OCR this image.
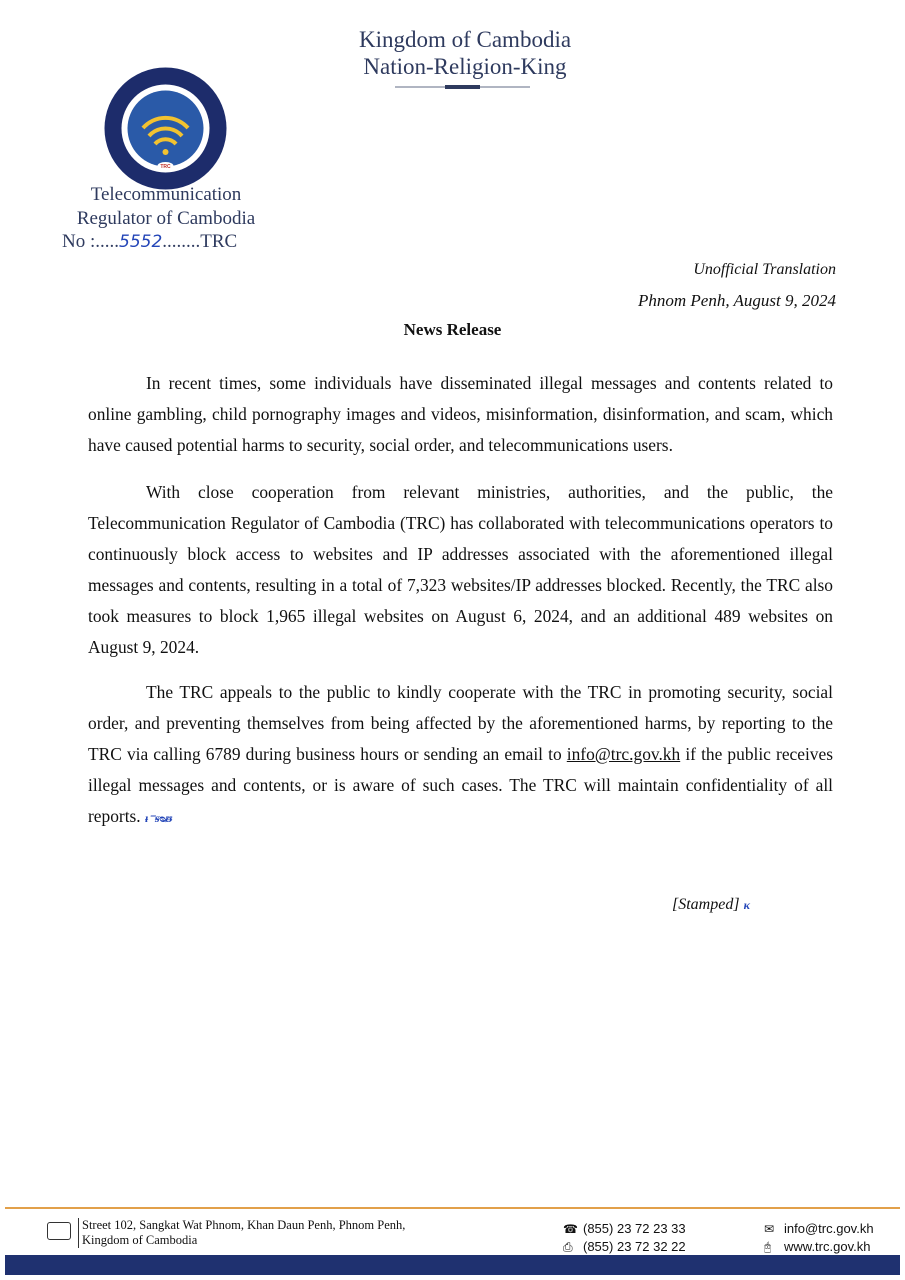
Kingdom of Cambodia
Nation-Religion-King
TRC
Telecommunication
Regulator of Cambodia
No :.....5552........TRC
Unofficial Translation
Phnom Penh, August 9, 2024
News Release
In recent times, some individuals have disseminated illegal messages and contents related to online gambling, child pornography images and videos, misinformation, disinformation, and scam, which have caused potential harms to security, social order, and telecommunications users.
With close cooperation from relevant ministries, authorities, and the public, the Telecommunication Regulator of Cambodia (TRC) has collaborated with telecommunications operators to continuously block access to websites and IP addresses associated with the aforementioned illegal messages and contents, resulting in a total of 7,323 websites/IP addresses blocked. Recently, the TRC also took measures to block 1,965 illegal websites on August 6, 2024, and an additional 489 websites on August 9, 2024.
The TRC appeals to the public to kindly cooperate with the TRC in promoting security, social order, and preventing themselves from being affected by the aforementioned harms, by reporting to the TRC via calling 6789 during business hours or sending an email to info@trc.gov.kh if the public receives illegal messages and contents, or is aware of such cases. The TRC will maintain confidentiality of all reports. ᵻ⁻ᵴᴓᵿ
[Stamped] ᴋ
Street 102, Sangkat Wat Phnom, Khan Daun Penh, Phnom Penh,
Kingdom of Cambodia
☎ (855) 23 72 23 33
⎙ (855) 23 72 32 22
✉ info@trc.gov.kh
🖰 www.trc.gov.kh
